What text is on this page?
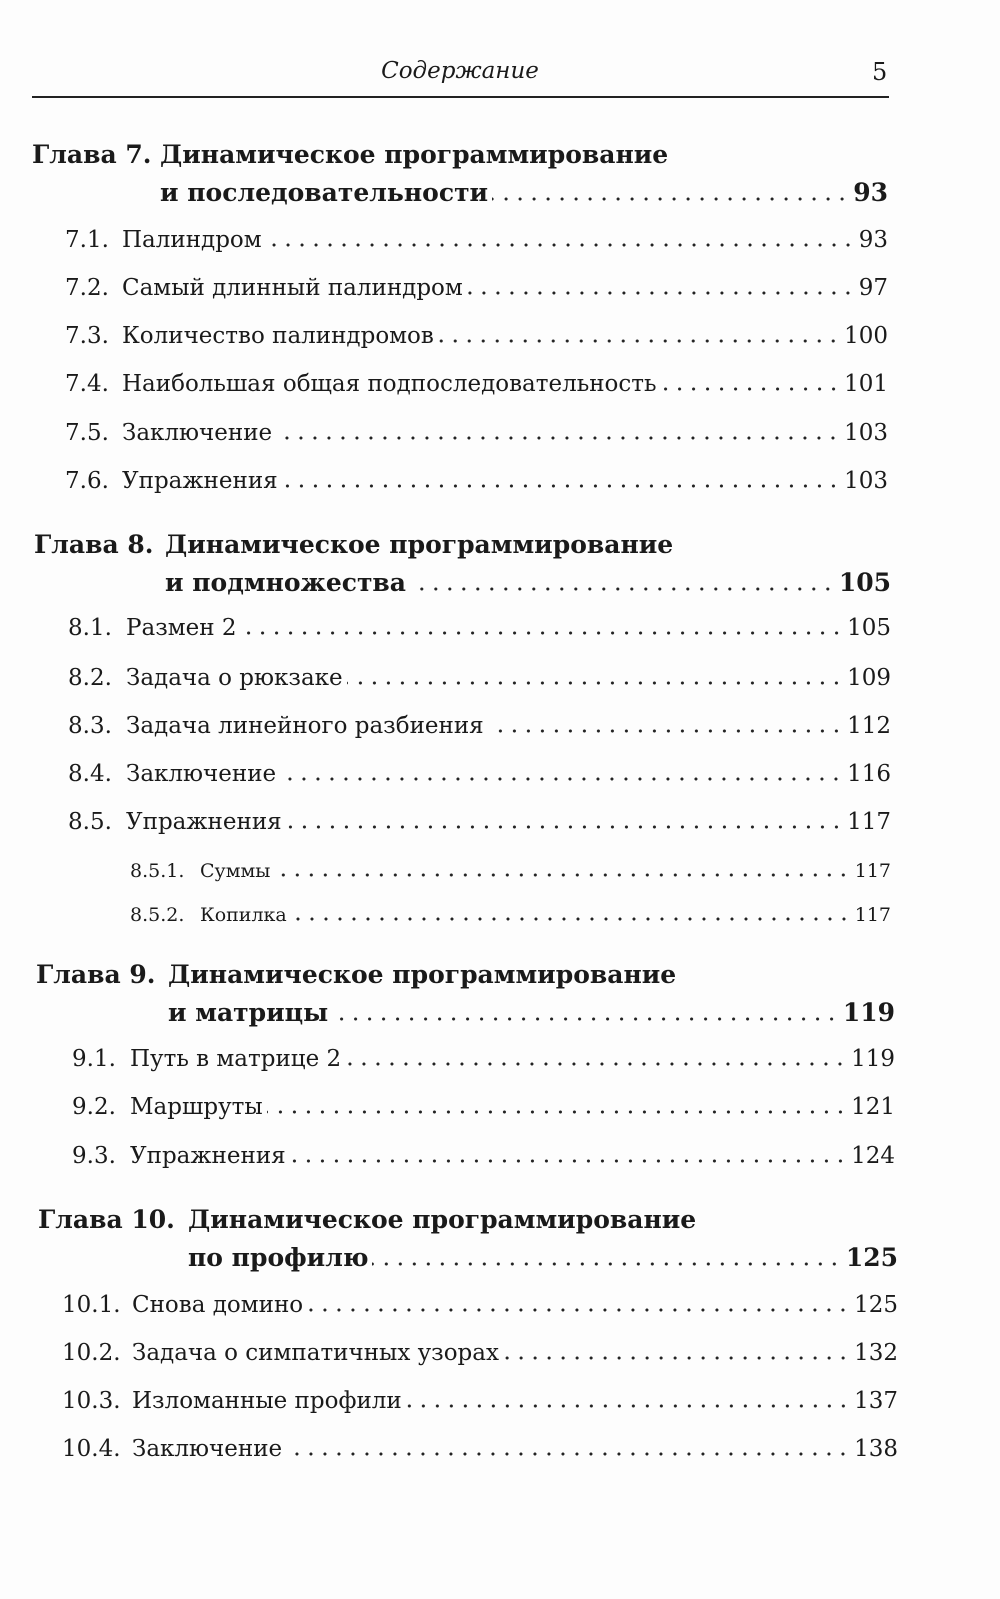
Содержание	5
Глава 7. Динамическое программирование
и последовательности	93
7.1. Палиндром	93
7.2. Самый длинный палиндром	97
7.3. Количество палиндромов	100
7.4. Наибольшая общая подпоследовательность	101
7.5. Заключение	103
7.6. Упражнения	103
Глава 8. Динамическое программирование
и подмножества	105
8.1. Размен 2	105
8.2. Задача о рюкзаке	109
8.3. Задача линейного разбиения	112
8.4. Заключение	116
8.5. Упражнения	117
8.5.1. Суммы	117
8.5.2. Копилка	117
Глава 9. Динамическое программирование
и матрицы	119
9.1. Путь в матрице 2	119
9.2. Маршруты	121
9.3. Упражнения	124
Глава 10. Динамическое программирование
по профилю	125
10.1. Снова домино	125
10.2. Задача о симпатичных узорах	132
10.3. Изломанные профили	137
10.4. Заключение	138
